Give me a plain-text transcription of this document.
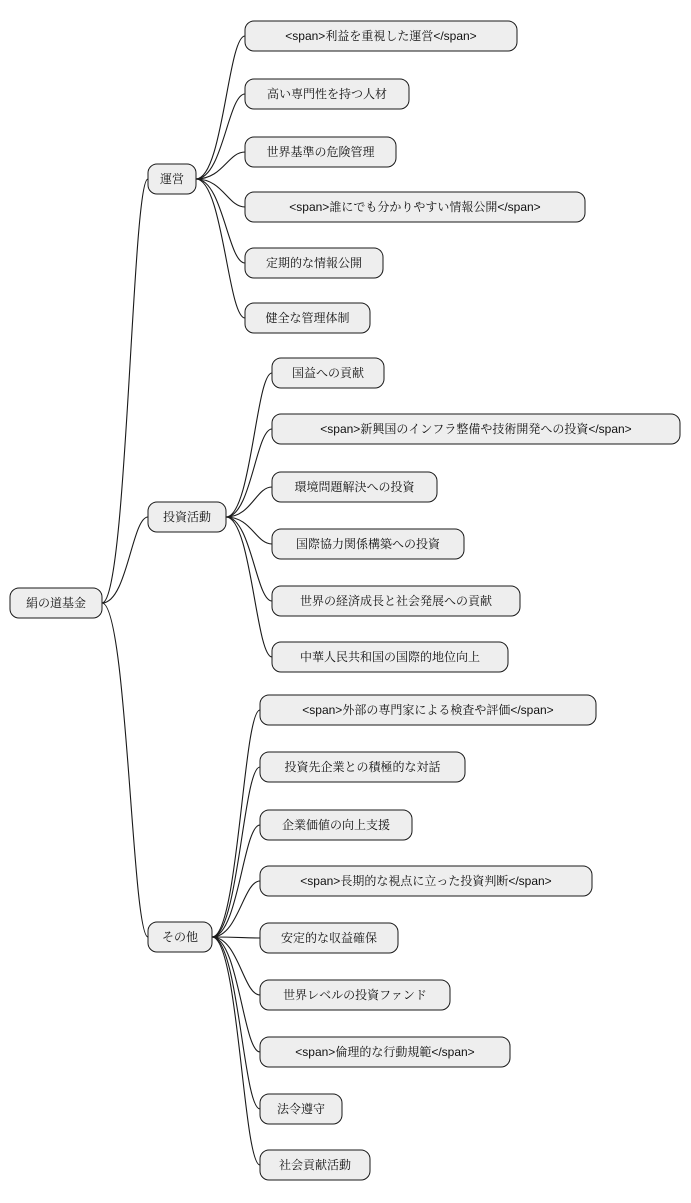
絹の道基金
運営
<span>利益を重視した運営</span>
高い専門性を持つ人材
世界基準の危険管理
<span>誰にでも分かりやすい情報公開</span>
定期的な情報公開
健全な管理体制
投資活動
国益への貢献
<span>新興国のインフラ整備や技術開発への投資</span>
環境問題解決への投資
国際協力関係構築への投資
世界の経済成長と社会発展への貢献
中華人民共和国の国際的地位向上
その他
<span>外部の専門家による検査や評価</span>
投資先企業との積極的な対話
企業価値の向上支援
<span>長期的な視点に立った投資判断</span>
安定的な収益確保
世界レベルの投資ファンド
<span>倫理的な行動規範</span>
法令遵守
社会貢献活動
